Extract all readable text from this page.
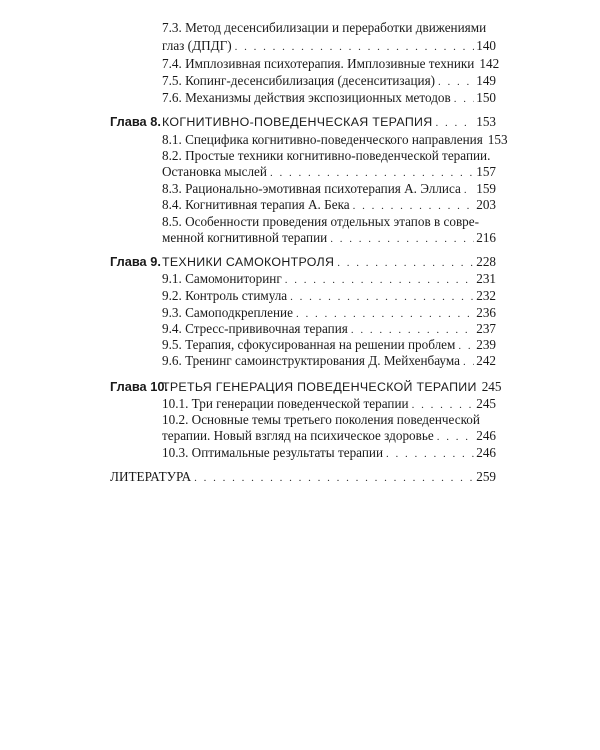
7.3. Метод десенсибилизации и переработки движениями
глаз (ДПДГ) . . .	140
7.4. Имплозивная психотерапия. Имплозивные техники 142
7.5. Копинг-десенсибилизация (десенситизация) . . .	149
7.6. Механизмы действия экспозиционных методов . . . 150
Глава 8. КОГНИТИВНО-ПОВЕДЕНЧЕСКАЯ ТЕРАПИЯ . . .	153
8.1. Специфика когнитивно-поведенческого направления 153
8.2. Простые техники когнитивно-поведенческой терапии.
Остановка мыслей . . .	157
8.3. Рационально-эмотивная психотерапия А. Эллиса . . . 159
8.4. Когнитивная терапия А. Бека . . .	203
8.5. Особенности проведения отдельных этапов в совре-
менной когнитивной терапии . . .	216
Глава 9. ТЕХНИКИ САМОКОНТРОЛЯ . . .	228
9.1. Самомониторинг . . .	231
9.2. Контроль стимула . . .	232
9.3. Самоподкрепление . . .	236
9.4. Стресс-прививочная терапия . . .	237
9.5. Терапия, сфокусированная на решении проблем . . . 239
9.6. Тренинг самоинструктирования Д. Мейхенбаума . . . 242
Глава 10.
ТРЕТЬЯ ГЕНЕРАЦИЯ ПОВЕДЕНЧЕСКОЙ ТЕРАПИИ 245
10.1. Три генерации поведенческой терапии . . .	245
10.2. Основные темы третьего поколения поведенческой
терапии. Новый взгляд на психическое здоровье . . .	246
10.3. Оптимальные результаты терапии . . .	246
ЛИТЕРАТУРА . . .	259
